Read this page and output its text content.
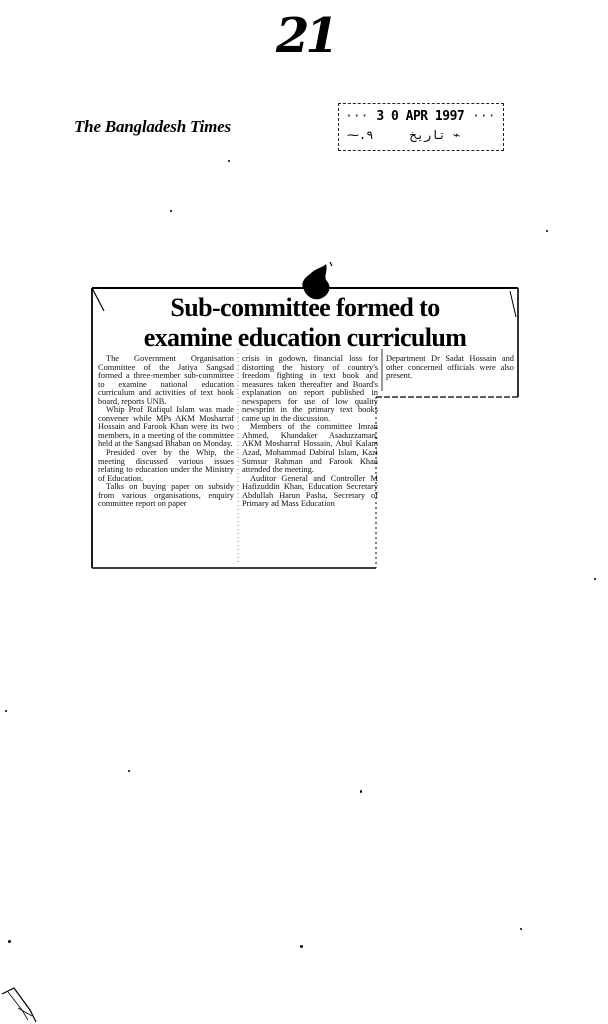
21
The Bangladesh Times
··· 3 0 APR 1997 ···
⁓.۹	تاريخ ⌁
Sub-committee formed to
examine education curriculum

The Government Organisation Committee of the Jatiya Sangsad formed a three-member sub-committee to examine national education curriculum and activities of text book board, reports UNB.

Whip Prof Rafiqul Islam was made convener while MPs AKM Mosharraf Hossain and Farook Khan were its two members, in a meeting of the committee held at the Sangsad Bhaban on Monday.

Presided over by the Whip, the meeting discussed various issues relating to education under the Ministry of Education.

Talks on buying paper on subsidy from various organisations, enquiry committee report on paper

crisis in godown, financial loss for distorting the history of country's freedom fighting in text book and measures taken thereafter and Board's explanation on report published in newspapers for use of low quality newsprint in the primary text books came up in the discussion.

Members of the committee Imran Ahmed, Khandaker Asaduzzaman, AKM Mosharraf Hossain, Abul Kalam Azad, Mohammad Dabirul Islam, Kazi Sumsur Rahman and Farook Khan attended the meeting.

Auditor General and Controller M Hafizuddin Khan, Education Secretary Abdullah Harun Pasha, Secretary of Primary ad Mass Education

Department Dr Sadat Hossain and other concerned officials were also present.
